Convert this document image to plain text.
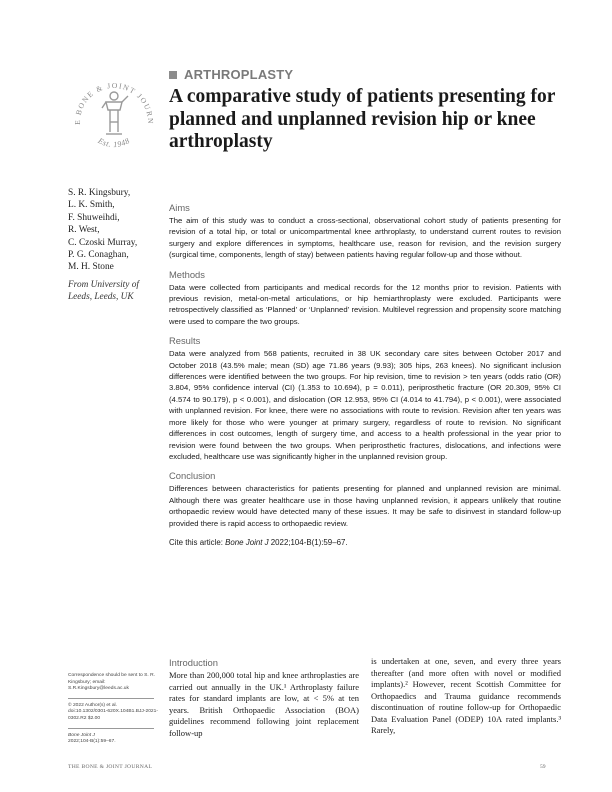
E BONE & JOINT JOURN
Est. 1948
ARTHROPLASTY
A comparative study of patients presenting for planned and unplanned revision hip or knee arthroplasty
S. R. Kingsbury,
L. K. Smith,
F. Shuweihdi,
R. West,
C. Czoski Murray,
P. G. Conaghan,
M. H. Stone
From University of Leeds, Leeds, UK
Aims

The aim of this study was to conduct a cross-sectional, observational cohort study of patients presenting for revision of a total hip, or total or unicompartmental knee arthroplasty, to understand current routes to revision surgery and explore differences in symptoms, healthcare use, reason for revision, and the revision surgery (surgical time, components, length of stay) between patients having regular follow-up and those without.

Methods

Data were collected from participants and medical records for the 12 months prior to revision. Patients with previous revision, metal-on-metal articulations, or hip hemiarthroplasty were excluded. Participants were retrospectively classified as ‘Planned’ or ‘Unplanned’ revision. Multilevel regression and propensity score matching were used to compare the two groups.

Results

Data were analyzed from 568 patients, recruited in 38 UK secondary care sites between October 2017 and October 2018 (43.5% male; mean (SD) age 71.86 years (9.93); 305 hips, 263 knees). No significant inclusion differences were identified between the two groups. For hip revision, time to revision > ten years (odds ratio (OR) 3.804, 95% confidence interval (CI) (1.353 to 10.694), p = 0.011), periprosthetic fracture (OR 20.309, 95% CI (4.574 to 90.179), p < 0.001), and dislocation (OR 12.953, 95% CI (4.014 to 41.794), p < 0.001), were associated with unplanned revision. For knee, there were no associations with route to revision. Revision after ten years was more likely for those who were younger at primary surgery, regardless of route to revision. No significant differences in cost outcomes, length of surgery time, and access to a health professional in the year prior to revision were found between the two groups. When periprosthetic fractures, dislocations, and infections were excluded, healthcare use was significantly higher in the unplanned revision group.

Conclusion

Differences between characteristics for patients presenting for planned and unplanned revision are minimal. Although there was greater healthcare use in those having unplanned revision, it appears unlikely that routine orthopaedic review would have detected many of these issues. It may be safe to disinvest in standard follow-up provided there is rapid access to orthopaedic review.

Cite this article: Bone Joint J 2022;104-B(1):59–67.
Correspondence should be sent to S. R. Kingsbury; email: S.R.Kingsbury@leeds.ac.uk
© 2022 Author(s) et al.
doi:10.1302/0301-620X.104B1.BJJ-2021-0302.R2 $2.00
Bone Joint J
2022;104-B(1):59–67.
Introduction
More than 200,000 total hip and knee arthroplasties are carried out annually in the UK.¹ Arthroplasty failure rates for standard implants are low, at < 5% at ten years. British Orthopaedic Association (BOA) guidelines recommend following joint replacement follow-up
is undertaken at one, seven, and every three years thereafter (and more often with novel or modified implants).² However, recent Scottish Committee for Orthopaedics and Trauma guidance recommends discontinuation of routine follow-up for Orthopaedic Data Evaluation Panel (ODEP) 10A rated implants.³ Rarely,
THE BONE & JOINT JOURNAL	59
